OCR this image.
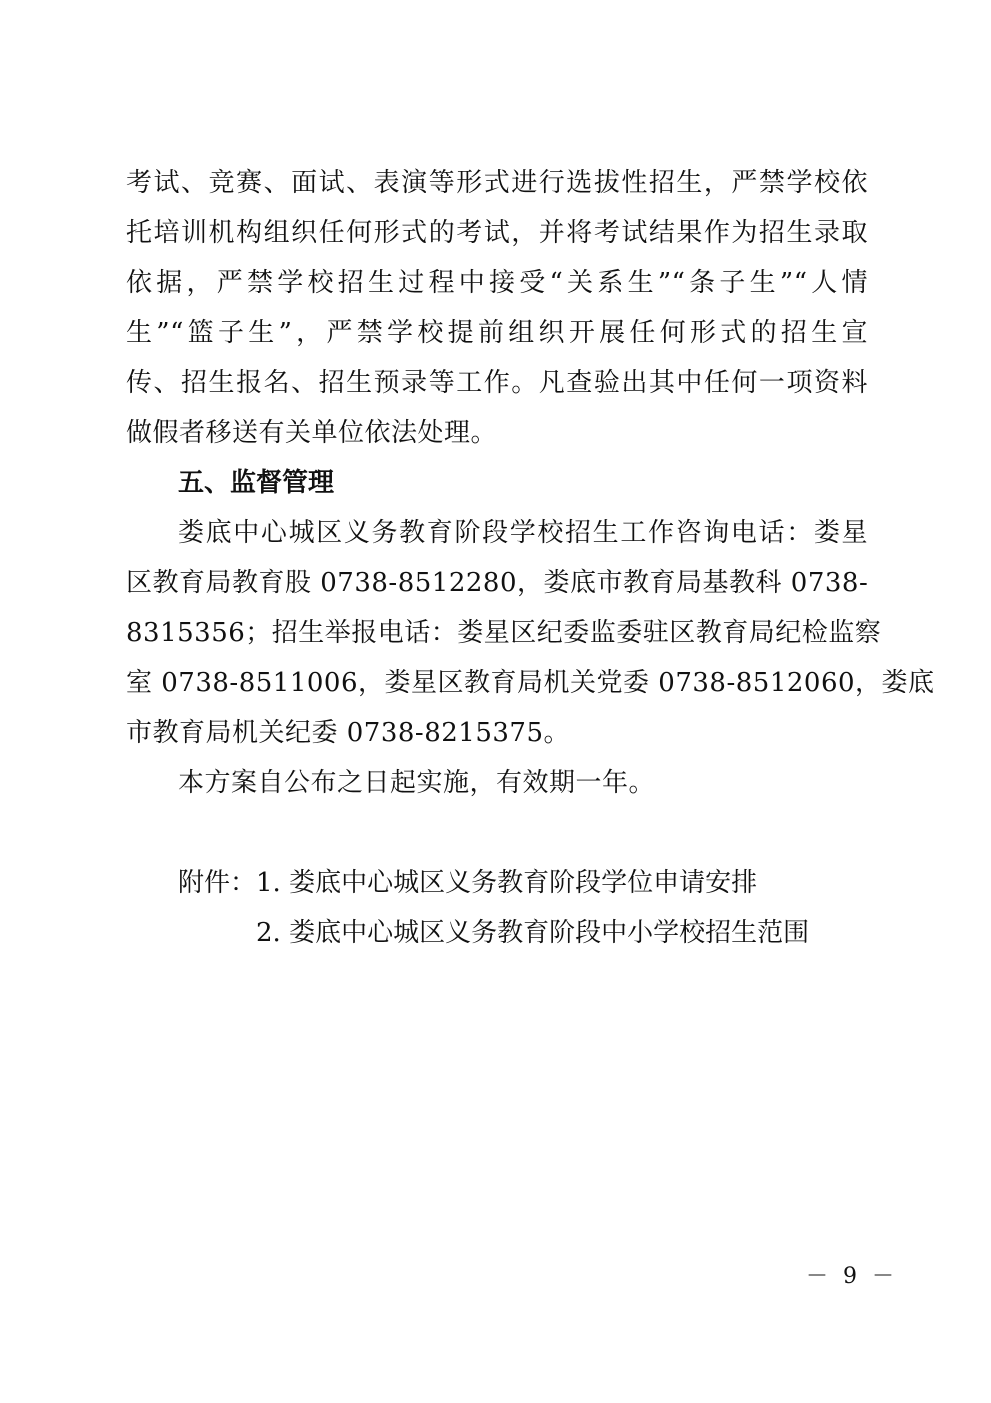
考试、竞赛、面试、表演等形式进行选拔性招生，严禁学校依
托培训机构组织任何形式的考试，并将考试结果作为招生录取
依据，严禁学校招生过程中接受“关系生”“条子生”“人情
生”“篮子生”，严禁学校提前组织开展任何形式的招生宣
传、招生报名、招生预录等工作。凡查验出其中任何一项资料
做假者移送有关单位依法处理。
五、监督管理
娄底中心城区义务教育阶段学校招生工作咨询电话：娄星
区教育局教育股 0738-8512280，娄底市教育局基教科 0738-
8315356；招生举报电话：娄星区纪委监委驻区教育局纪检监察
室 0738-8511006，娄星区教育局机关党委 0738-8512060，娄底
市教育局机关纪委 0738-8215375。
本方案自公布之日起实施，有效期一年。
附件： 1. 娄底中心城区义务教育阶段学位申请安排
2. 娄底中心城区义务教育阶段中小学校招生范围
－ 9 －
